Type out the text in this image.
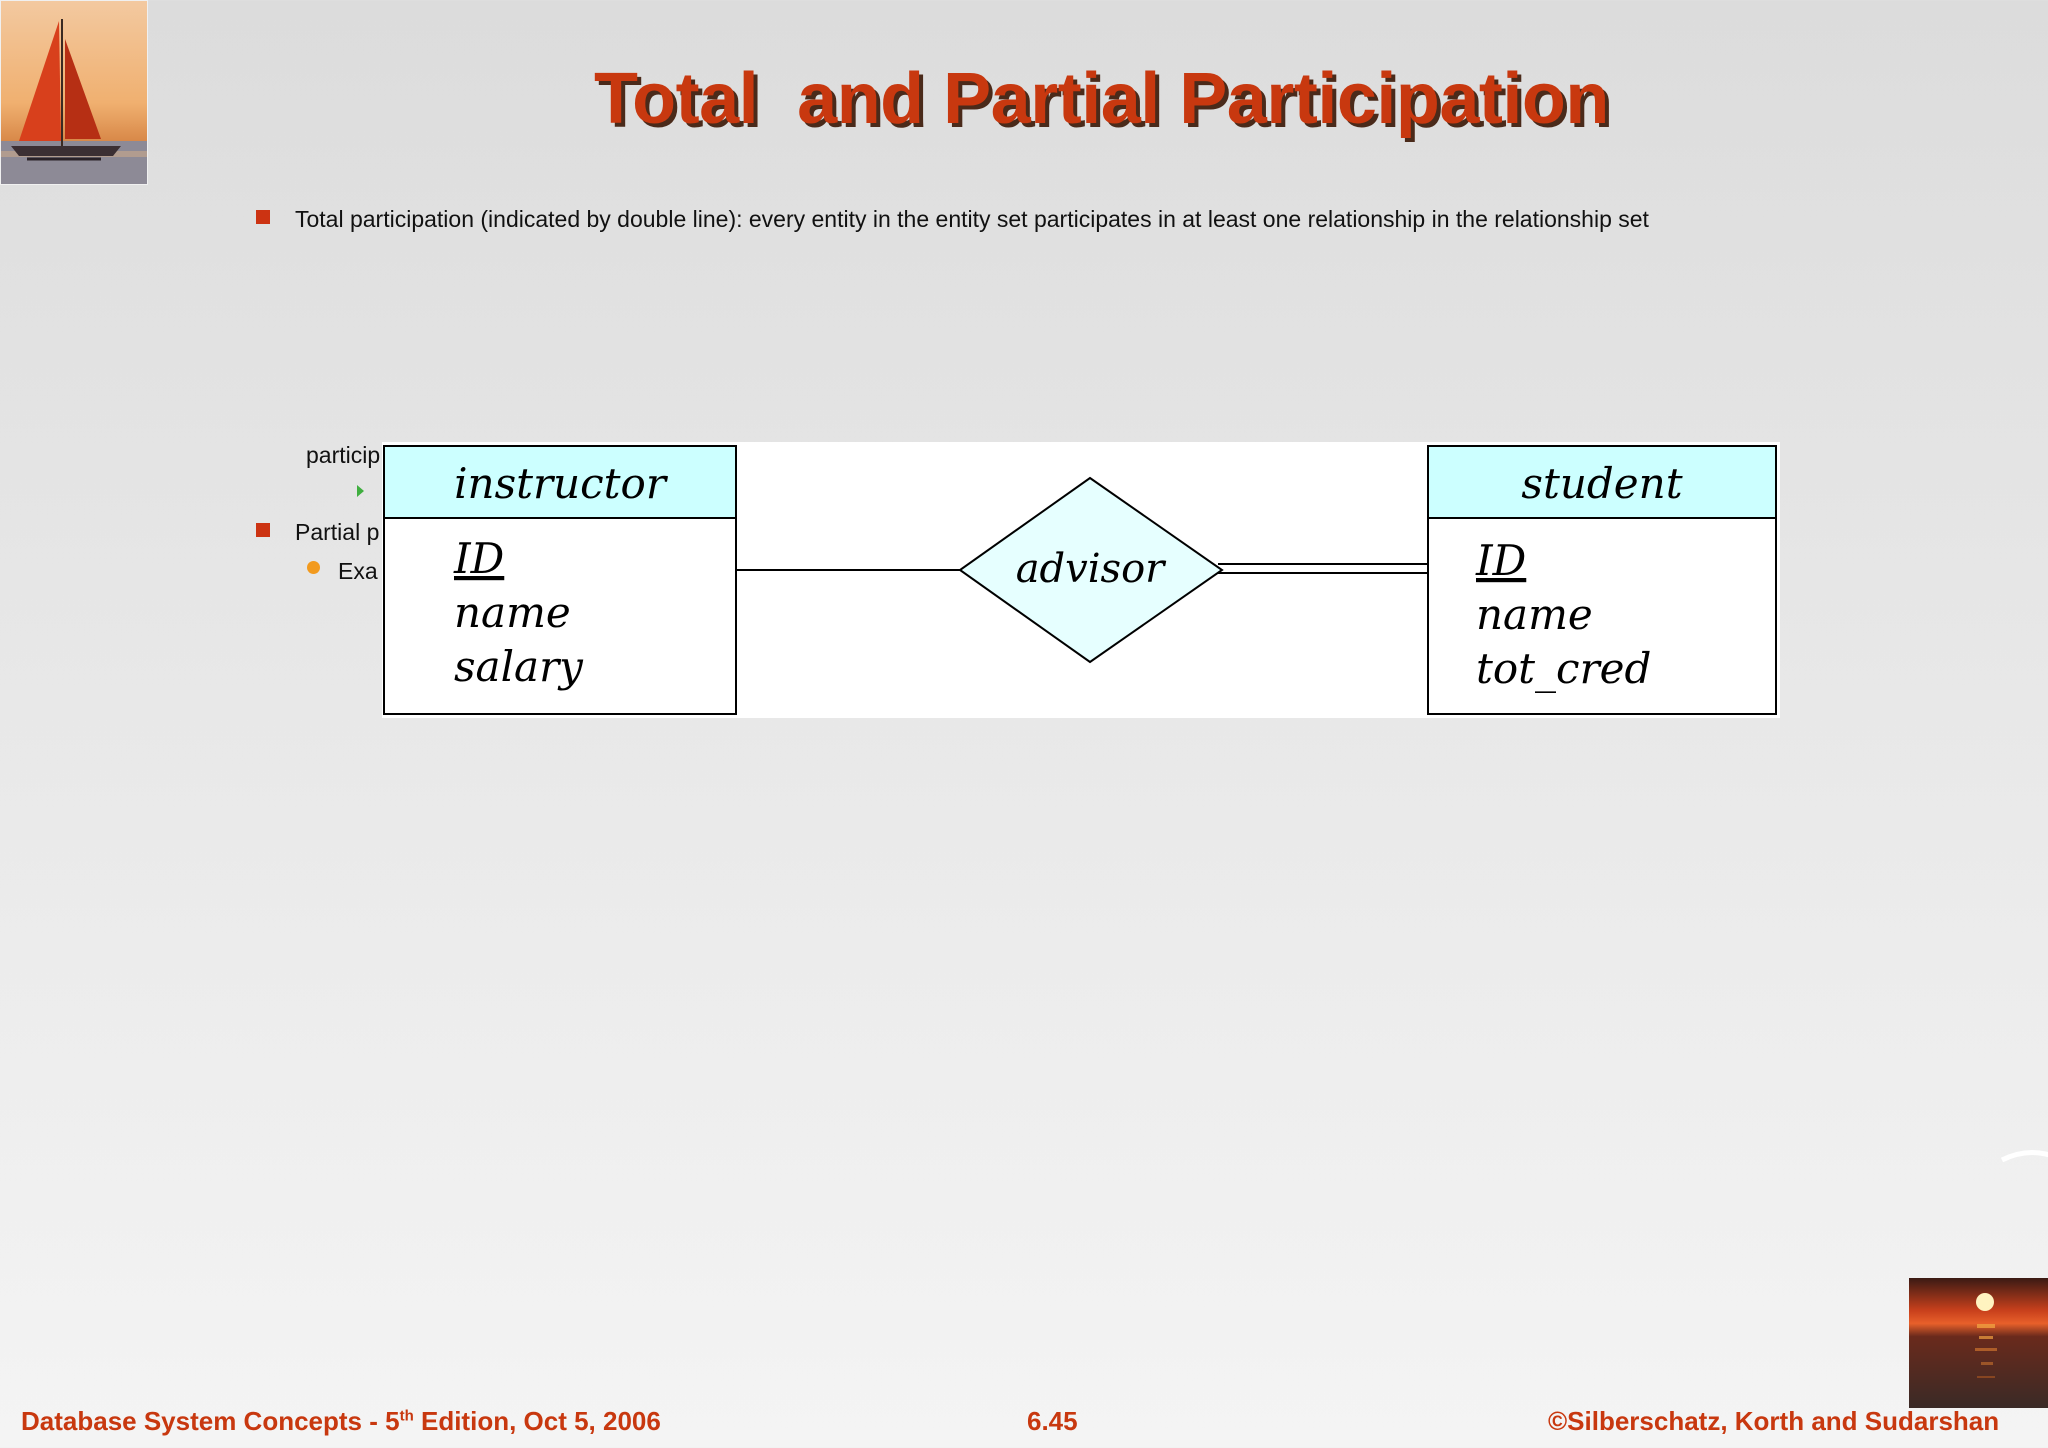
Total  and Partial Participation
Total participation (indicated by double line): every entity in the entity set participates in at least one relationship in the relationship set
particip
Partial p
Exa
instructor
ID
name
salary
advisor
student
ID
name
tot_cred
Database System Concepts - 5th Edition, Oct 5, 2006	6.45	©Silberschatz, Korth and Sudarshan
